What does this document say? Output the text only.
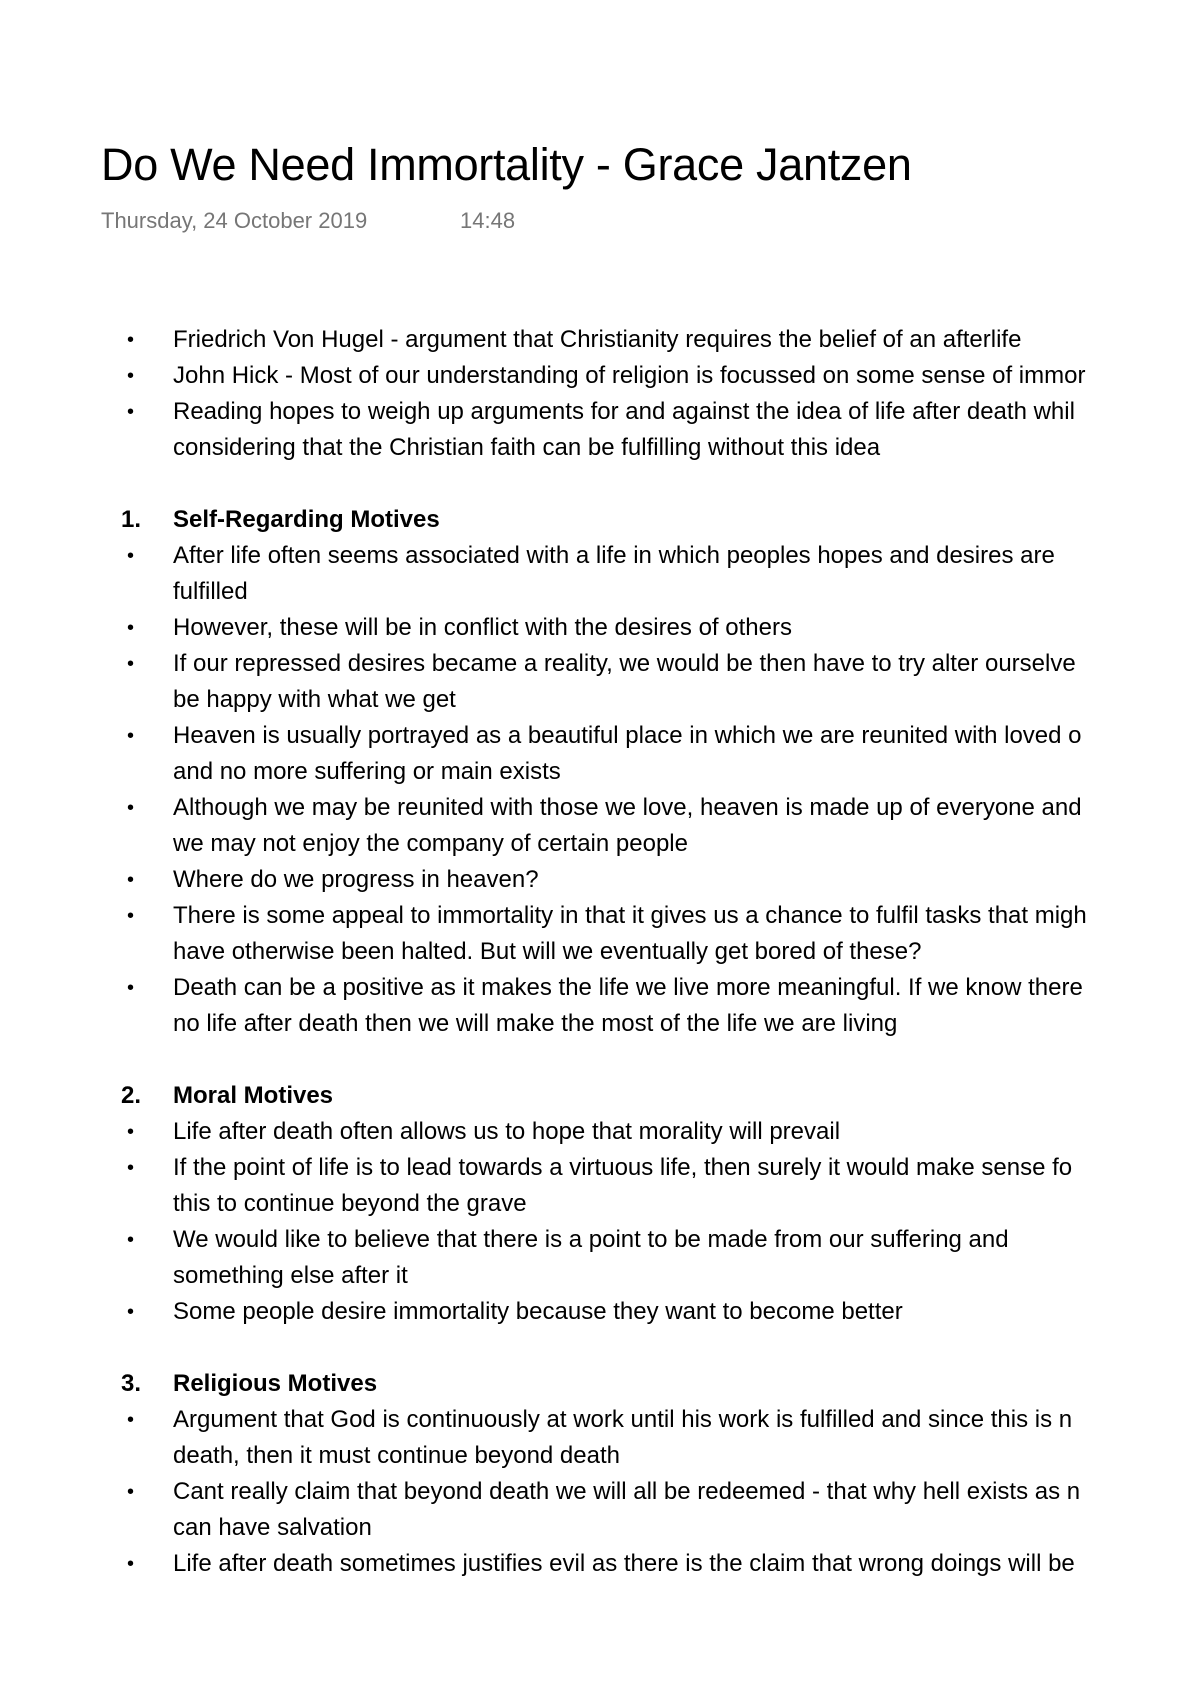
Do We Need Immortality - Grace Jantzen
Thursday, 24 October 2019	14:48
• Friedrich Von Hugel - argument that Christianity requires the belief of an afterlife
• John Hick - Most of our understanding of religion is focussed on some sense of immor
• Reading hopes to weigh up arguments for and against the idea of life after death whil
considering that the Christian faith can be fulfilling without this idea
1. Self-Regarding Motives
• After life often seems associated with a life in which peoples hopes and desires are
fulfilled
• However, these will be in conflict with the desires of others
• If our repressed desires became a reality, we would be then have to try alter ourselve
be happy with what we get
• Heaven is usually portrayed as a beautiful place in which we are reunited with loved o
and no more suffering or main exists
• Although we may be reunited with those we love, heaven is made up of everyone and
we may not enjoy the company of certain people
• Where do we progress in heaven?
• There is some appeal to immortality in that it gives us a chance to fulfil tasks that migh
have otherwise been halted. But will we eventually get bored of these?
• Death can be a positive as it makes the life we live more meaningful. If we know there
no life after death then we will make the most of the life we are living
2. Moral Motives
• Life after death often allows us to hope that morality will prevail
• If the point of life is to lead towards a virtuous life, then surely it would make sense fo
this to continue beyond the grave
• We would like to believe that there is a point to be made from our suffering and
something else after it
• Some people desire immortality because they want to become better
3. Religious Motives
• Argument that God is continuously at work until his work is fulfilled and since this is n
death, then it must continue beyond death
• Cant really claim that beyond death we will all be redeemed - that why hell exists as n
can have salvation
• Life after death sometimes justifies evil as there is the claim that wrong doings will be
